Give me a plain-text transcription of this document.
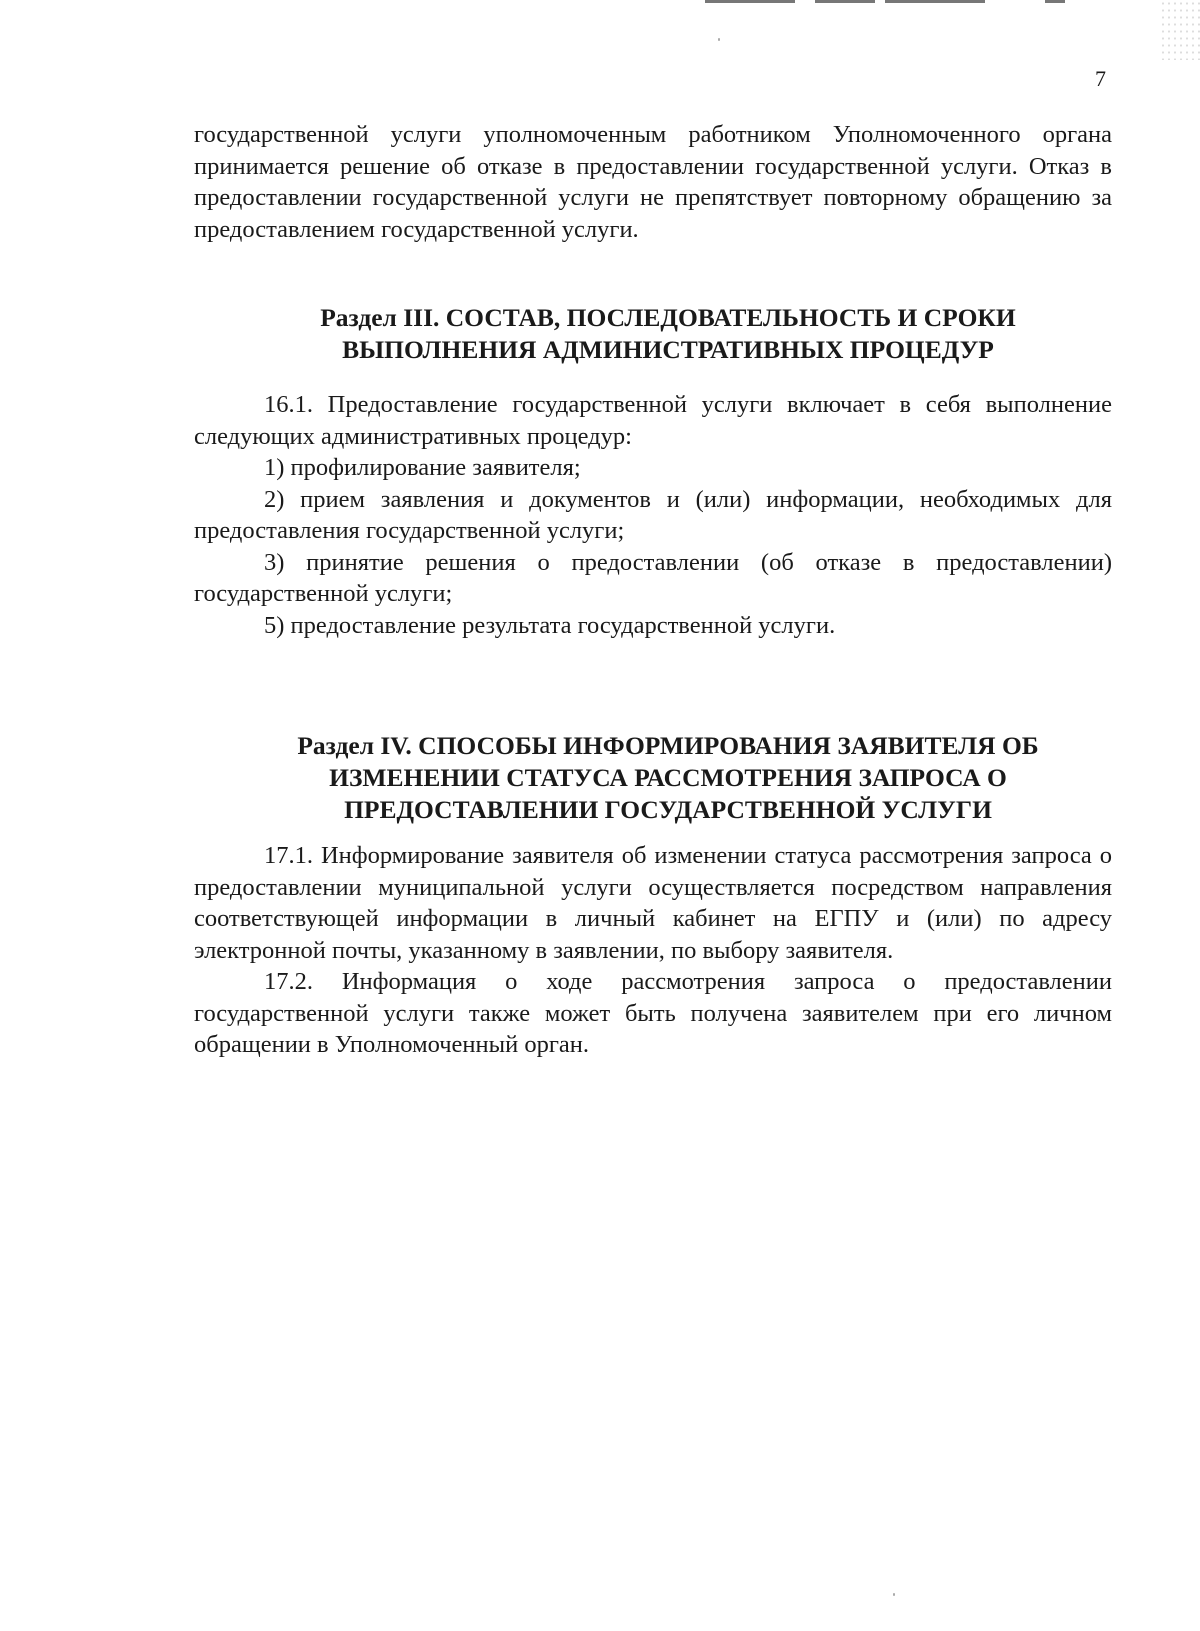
7

государственной услуги уполномоченным работником Уполномоченного органа принимается решение об отказе в предоставлении государственной услуги. Отказ в предоставлении государственной услуги не препятствует повторному обращению за предоставлением государственной услуги.

Раздел III. СОСТАВ, ПОСЛЕДОВАТЕЛЬНОСТЬ И СРОКИ
ВЫПОЛНЕНИЯ АДМИНИСТРАТИВНЫХ ПРОЦЕДУР

16.1. Предоставление государственной услуги включает в себя выполнение следующих административных процедур:

1) профилирование заявителя;

2) прием заявления и документов и (или) информации, необходимых для предоставления государственной услуги;

3) принятие решения о предоставлении (об отказе в предоставлении) государственной услуги;

5) предоставление результата государственной услуги.

Раздел IV. СПОСОБЫ ИНФОРМИРОВАНИЯ ЗАЯВИТЕЛЯ ОБ
ИЗМЕНЕНИИ СТАТУСА РАССМОТРЕНИЯ ЗАПРОСА О
ПРЕДОСТАВЛЕНИИ ГОСУДАРСТВЕННОЙ УСЛУГИ

17.1. Информирование заявителя об изменении статуса рассмотрения запроса о предоставлении муниципальной услуги осуществляется посредством направления соответствующей информации в личный кабинет на ЕГПУ и (или) по адресу электронной почты, указанному в заявлении, по выбору заявителя.

17.2. Информация о ходе рассмотрения запроса о предоставлении государственной услуги также может быть получена заявителем при его личном обращении в Уполномоченный орган.
